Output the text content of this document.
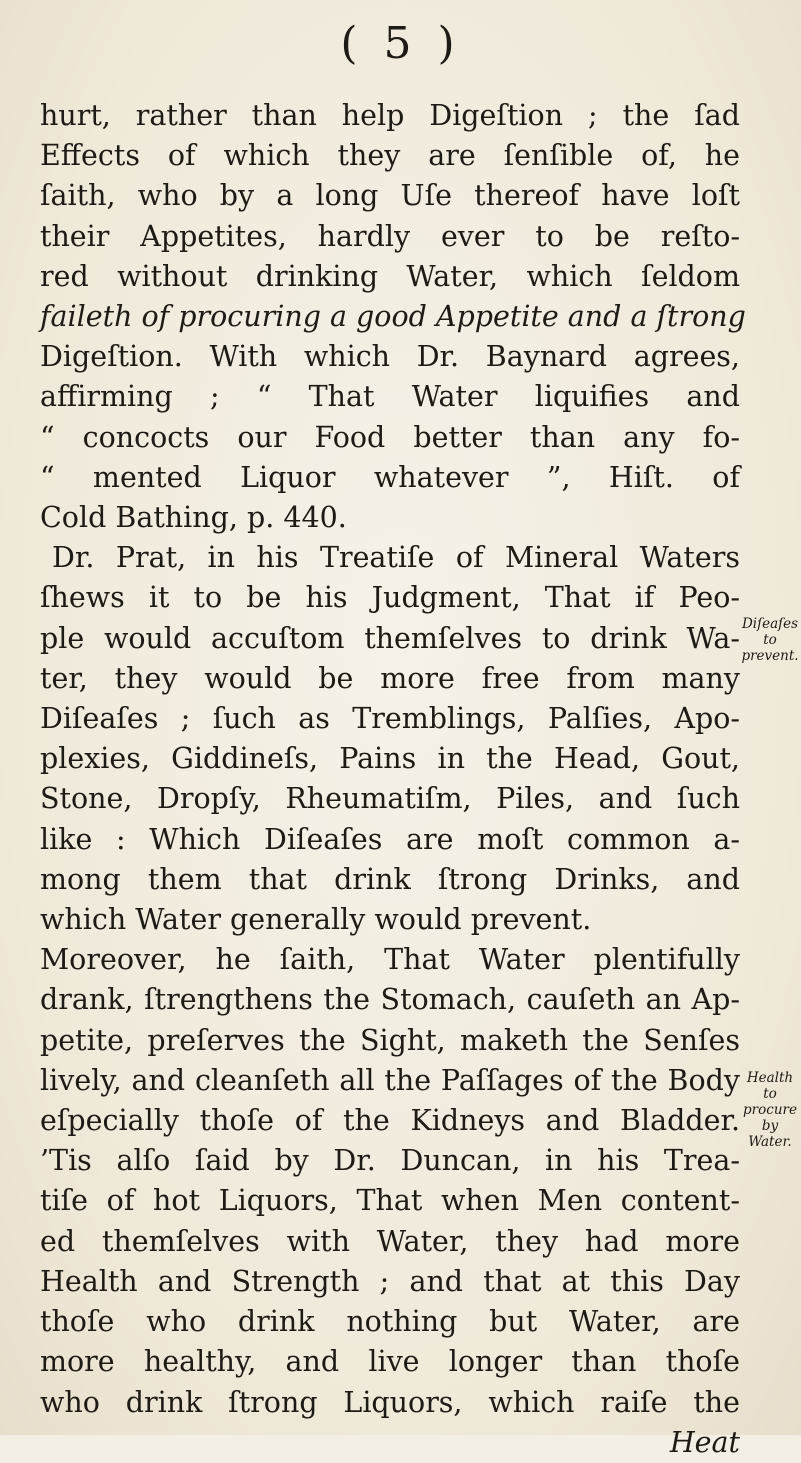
( 5 )
hurt, rather than help Digeſtion ; the ſad
Effects of which they are ſenſible of, he
ſaith, who by a long Uſe thereof have loſt
their Appetites, hardly ever to be reſto-
red without drinking Water, which ſeldom
faileth of procuring a good Appetite and a ſtrong
Digeſtion. With which Dr. Baynard agrees,
affirming ; “ That Water liquifies and
“ concocts our Food better than any fo-
“ mented Liquor whatever ”, Hiſt. of
Cold Bathing, p. 440.
Dr. Prat, in his Treatiſe of Mineral Waters
ſhews it to be his Judgment, That if Peo-
ple would accuſtom themſelves to drink Wa-
ter, they would be more free from many
Diſeaſes ; ſuch as Tremblings, Palſies, Apo-
plexies, Giddineſs, Pains in the Head, Gout,
Stone, Dropſy, Rheumatiſm, Piles, and ſuch
like : Which Diſeaſes are moſt common a-
mong them that drink ſtrong Drinks, and
which Water generally would prevent.
Moreover, he ſaith, That Water plentifully
drank, ſtrengthens the Stomach, cauſeth an Ap-
petite, preſerves the Sight, maketh the Senſes
lively, and cleanſeth all the Paſſages of the Body
eſpecially thoſe of the Kidneys and Bladder.
’Tis alſo ſaid by Dr. Duncan, in his Trea-
tiſe of hot Liquors, That when Men content-
ed themſelves with Water, they had more
Health and Strength ; and that at this Day
thoſe who drink nothing but Water, are
more healthy, and live longer than thoſe
who drink ſtrong Liquors, which raiſe the
Heat
Diſeaſes to prevent.
Health to procure by Water.
